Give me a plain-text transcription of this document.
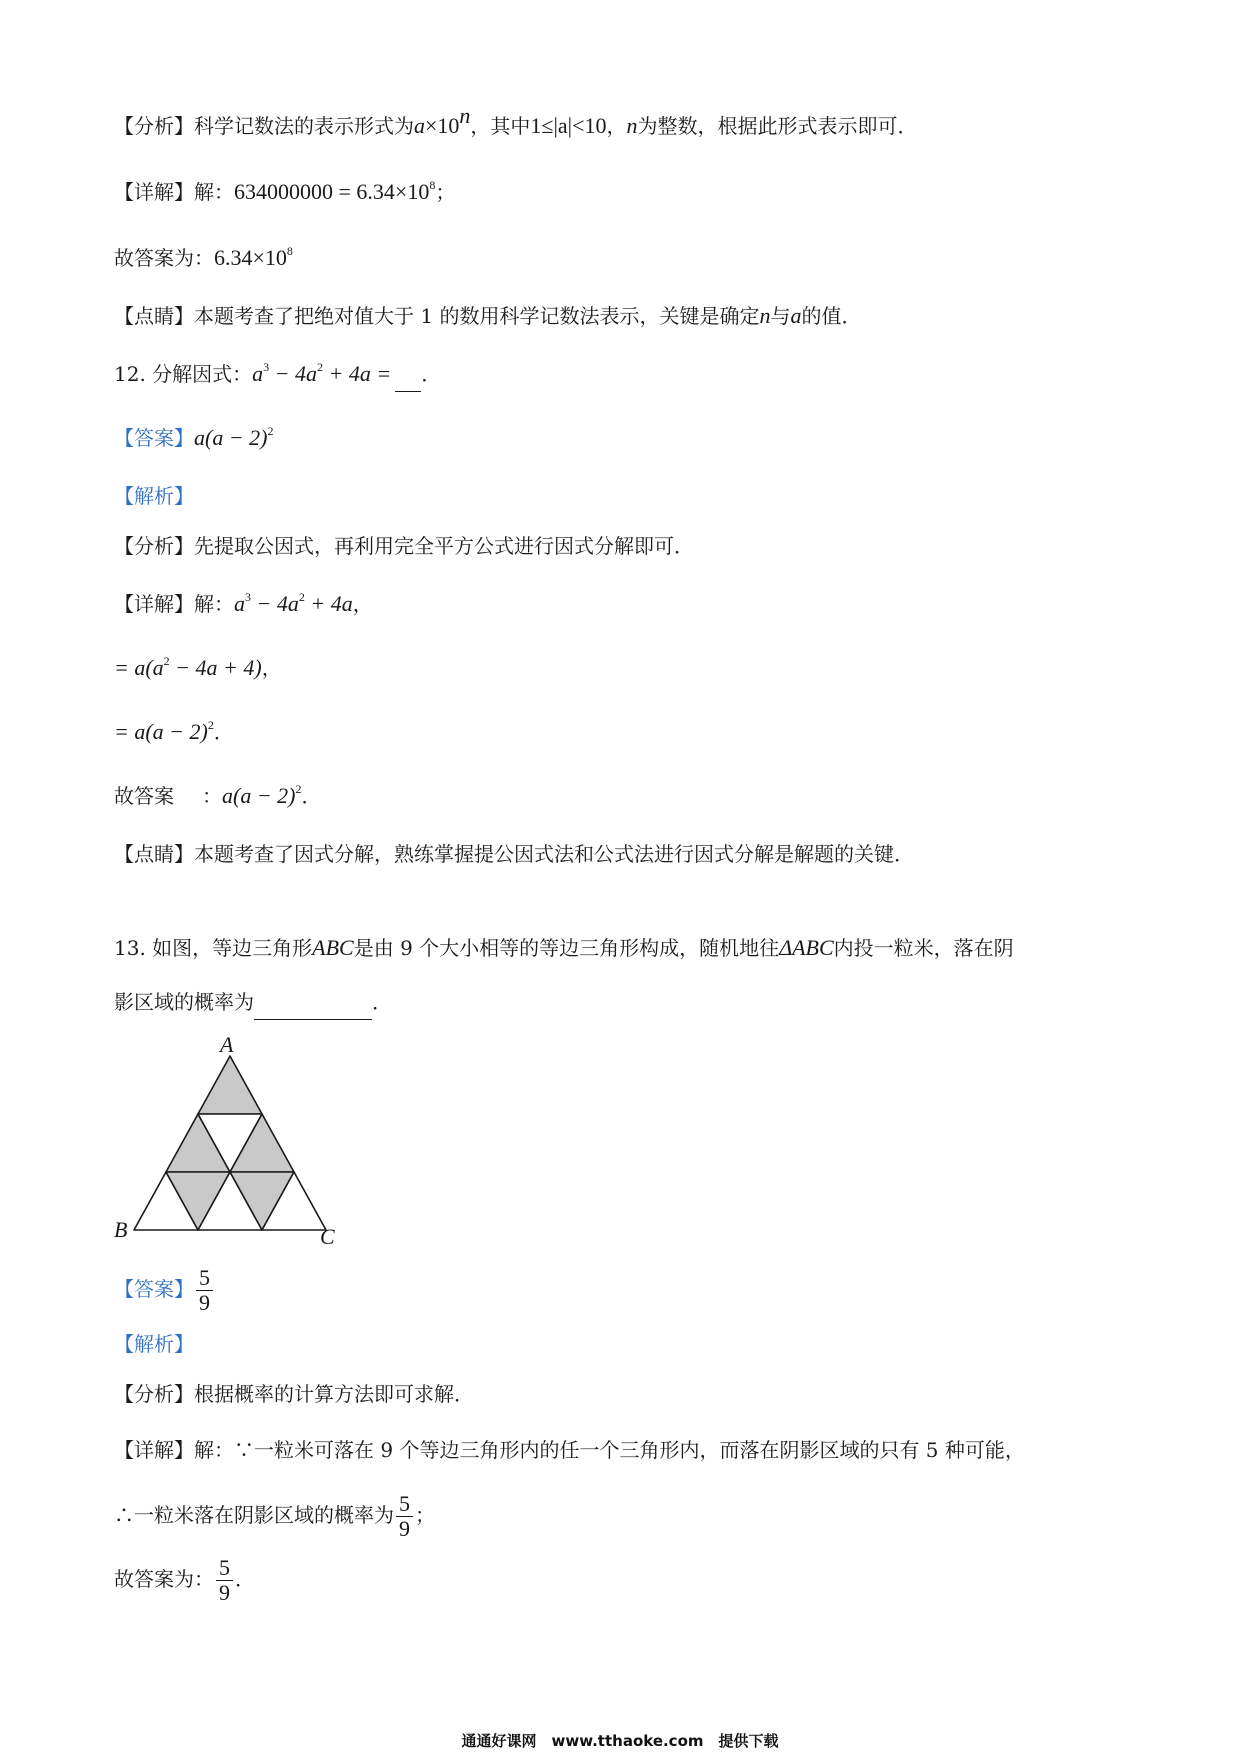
【分析】科学记数法的表示形式为$a\times 10^n$，其中1≤|a|<10，n为整数，根据此形式表示即可．
【详解】解：$634000000 = 6.34\times 10^8$；
故答案为：$6.34\times 10^8$
【点睛】本题考查了把绝对值大于 1 的数用科学记数法表示，关键是确定n与a的值．
12. 分解因式：$a^3 - 4a^2 + 4a$ = ．
【答案】$a(a - 2)^2$
【解析】
【分析】先提取公因式，再利用完全平方公式进行因式分解即可．
【详解】解：$a^3 - 4a^2 + 4a$，
= $a(a^2 - 4a + 4)$，
= $a(a - 2)^2$．
故答案 ：$a(a - 2)^2$．
【点睛】本题考查了因式分解，熟练掌握提公因式法和公式法进行因式分解是解题的关键．
13. 如图，等边三角形ABC是由 9 个大小相等的等边三角形构成，随机地往ΔABC内投一粒米，落在阴
影区域的概率为	．
A
B	C
【答案】 $\frac{5}{9}$
【解析】
【分析】根据概率的计算方法即可求解．
【详解】解：∵一粒米可落在 9 个等边三角形内的任一个三角形内，而落在阴影区域的只有 5 种可能，
∴一粒米落在阴影区域的概率为 $\frac{5}{9}$ ；
故答案为： $\frac{5}{9}$ ．
通通好课网　www.tthaoke.com　提供下载
